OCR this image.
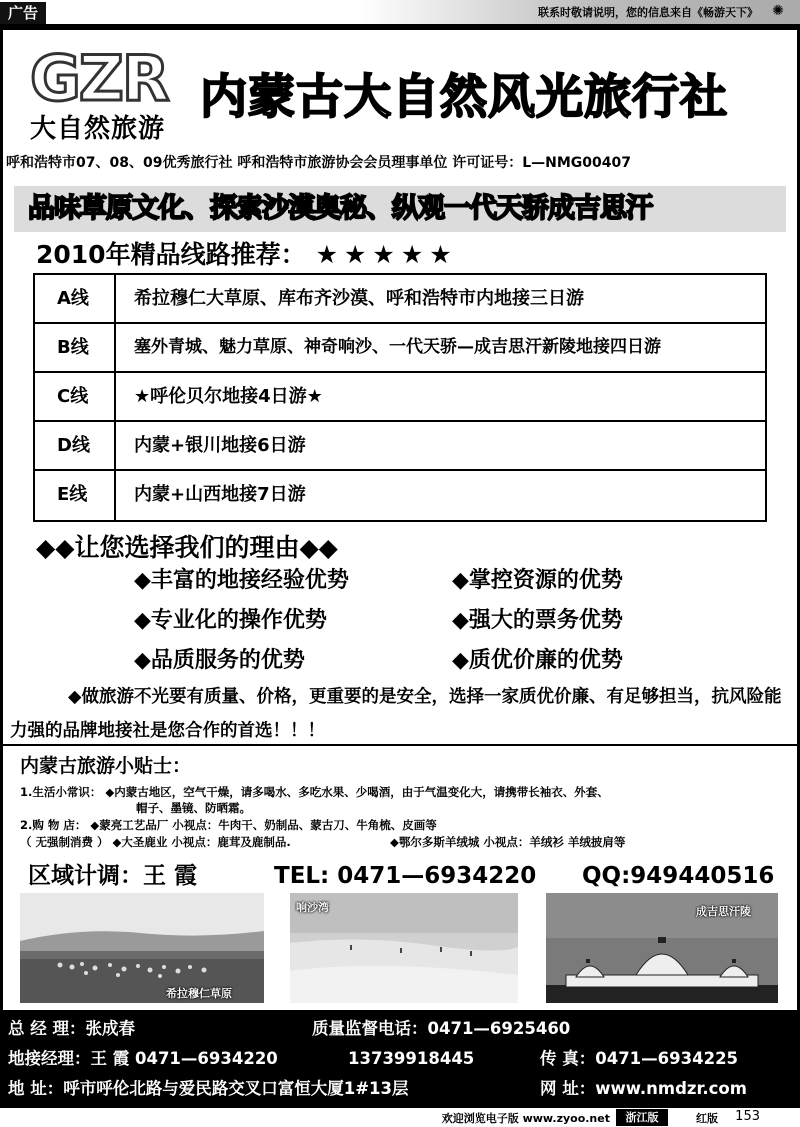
广告	联系时敬请说明，您的信息来自《畅游天下》	✺
GZR
大自然旅游
内蒙古大自然风光旅行社
呼和浩特市07、08、09优秀旅行社 呼和浩特市旅游协会会员理事单位 许可证号：L—NMG00407
品味草原文化、探索沙漠奥秘、纵观一代天骄成吉思汗
2010年精品线路推荐： ★★★★★
A线	希拉穆仁大草原、库布齐沙漠、呼和浩特市内地接三日游
B线	塞外青城、魅力草原、神奇响沙、一代天骄—成吉思汗新陵地接四日游
C线	★呼伦贝尔地接4日游★
D线	内蒙+银川地接6日游
E线	内蒙+山西地接7日游
◆◆让您选择我们的理由◆◆
◆丰富的地接经验优势	◆掌控资源的优势
◆专业化的操作优势	◆强大的票务优势
◆品质服务的优势	◆质优价廉的优势
◆做旅游不光要有质量、价格，更重要的是安全，选择一家质优价廉、有足够担当，抗风险能力强的品牌地接社是您合作的首选！！！
内蒙古旅游小贴士：
1.生活小常识： ◆内蒙古地区，空气干燥，请多喝水、多吃水果、少喝酒，由于气温变化大，请携带长袖衣、外套、
帽子、墨镜、防晒霜。
2.购 物 店： ◆蒙亮工艺品厂 小视点：牛肉干、奶制品、蒙古刀、牛角梳、皮画等
（ 无强制消费 ） ◆大圣鹿业 小视点：鹿茸及鹿制品.	◆鄂尔多斯羊绒城 小视点：羊绒衫 羊绒披肩等
区域计调：王 霞	TEL: 0471—6934220 QQ:949440516
希拉穆仁草原
响沙湾	成吉思汗陵
总 经 理：张成春	质量监督电话：0471—6925460
地接经理：王 霞 0471—6934220	13739918445	传 真：0471—6934225
地 址：呼市呼伦北路与爱民路交叉口富恒大厦1#13层	网 址：www.nmdzr.com
欢迎浏览电子版 www.zyoo.net	浙江版	红版 153
